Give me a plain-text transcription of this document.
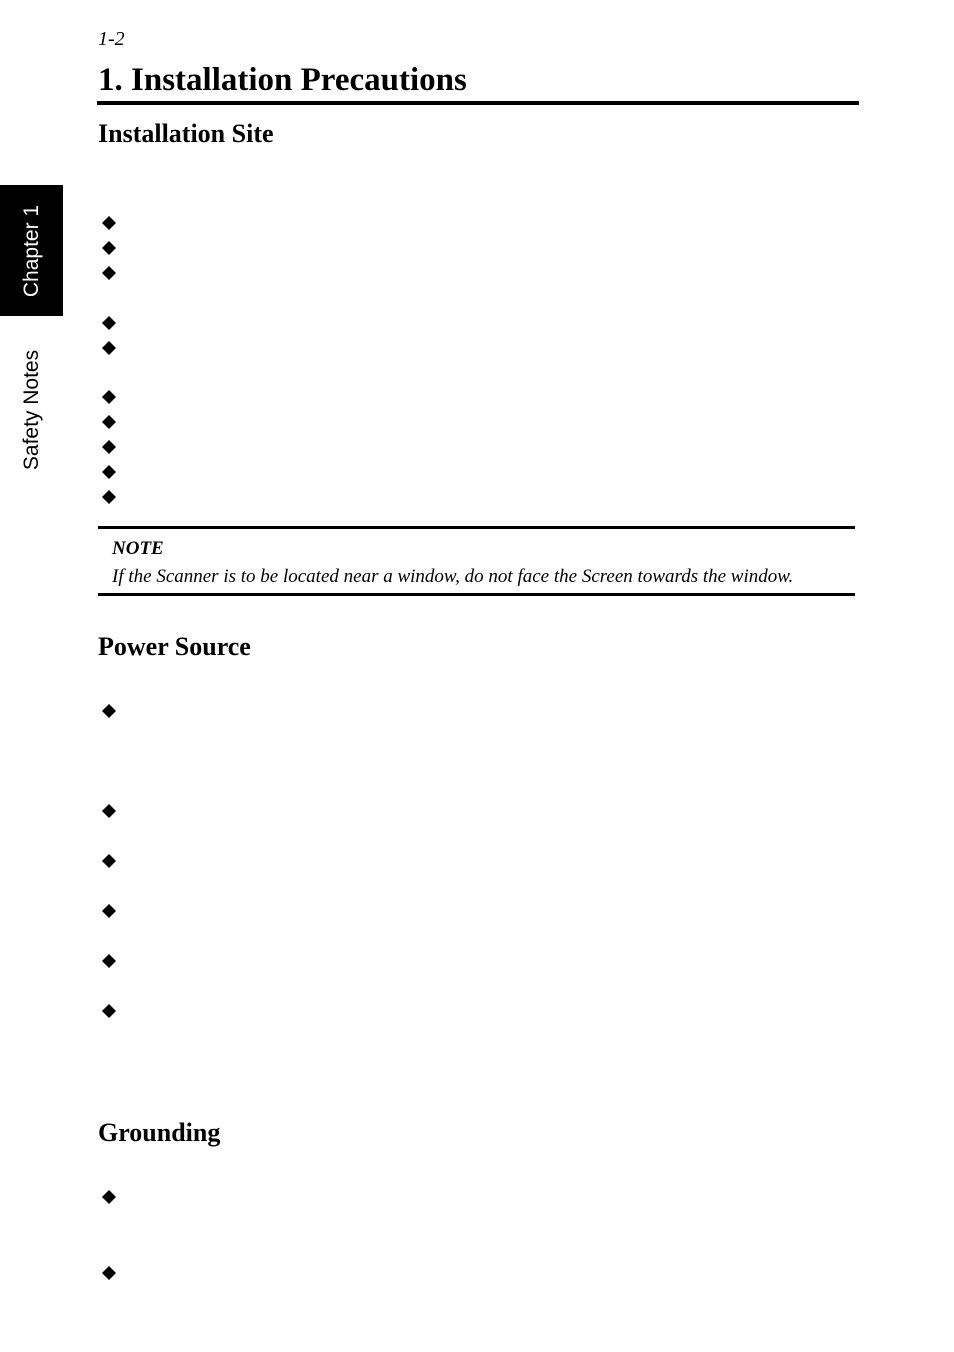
1-2
1. Installation Precautions
Chapter 1
Safety Notes
Installation Site
NOTE
If the Scanner is to be located near a window, do not face the Screen towards the window.
Power Source
Grounding
